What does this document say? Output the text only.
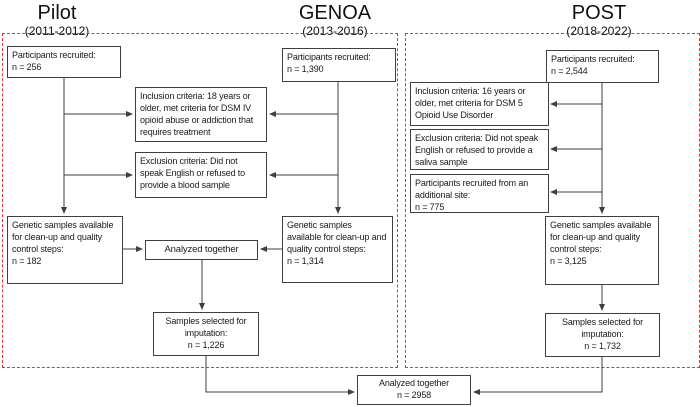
Pilot
(2011-2012)
GENOA
(2013-2016)
POST
(2018-2022)
Participants recruited:
n = 256
Inclusion criteria: 18 years or older, met criteria for DSM IV opioid abuse or addiction that requires treatment
Exclusion criteria: Did not speak English or refused to provide a blood sample
Genetic samples available for clean-up and quality control steps:
n = 182
Analyzed together
Samples selected for imputation:
n = 1,226
Participants recruited:
n = 1,390
Genetic samples available for clean-up and quality control steps:
n = 1,314
Participants recruited:
n = 2,544
Inclusion criteria: 16 years or older, met criteria for DSM 5 Opioid Use Disorder
Exclusion criteria: Did not speak English or refused to provide a saliva sample
Participants recruited from an additional site:
n = 775
Genetic samples available for clean-up and quality control steps:
n = 3,125
Samples selected for imputation:
n = 1,732
Analyzed together
n = 2958
